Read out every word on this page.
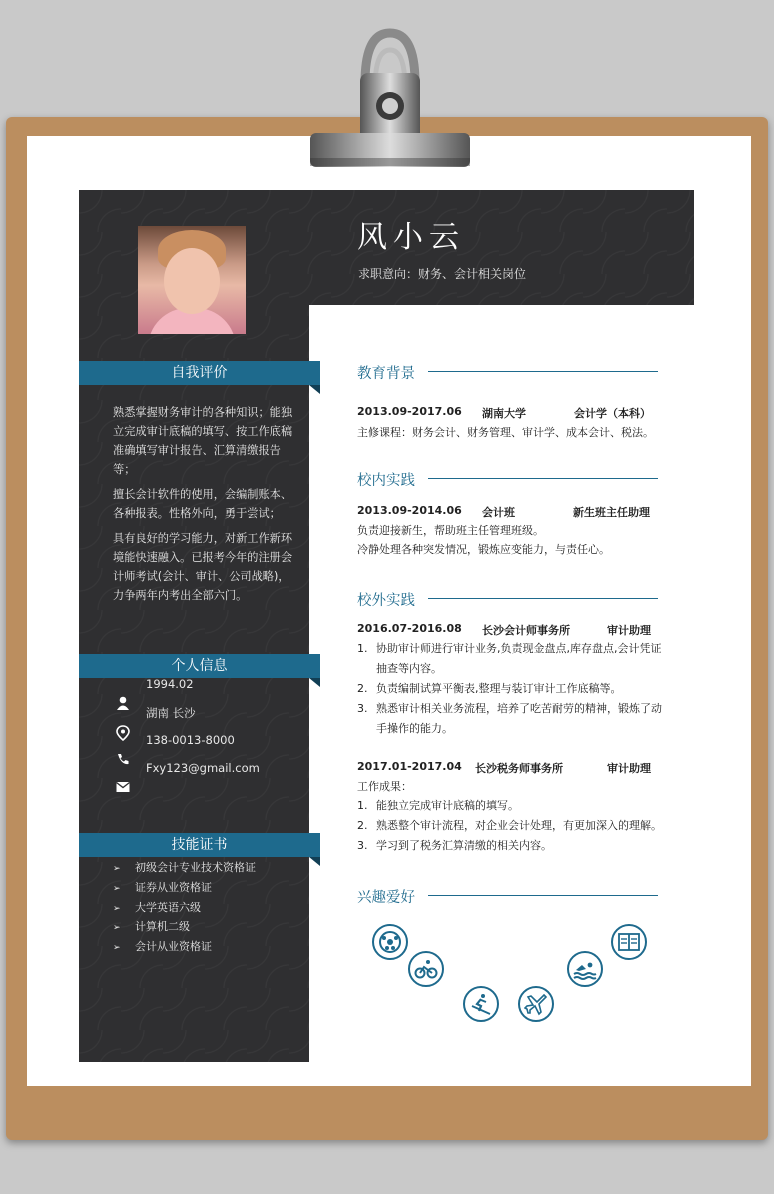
风小云
求职意向：财务、会计相关岗位
自我评价

熟悉掌握财务审计的各种知识；能独立完成审计底稿的填写、按工作底稿准确填写审计报告、汇算清缴报告等；

擅长会计软件的使用，会编制账本、各种报表。性格外向，勇于尝试；

具有良好的学习能力，对新工作新环境能快速融入。已报考今年的注册会计师考试(会计、审计、公司战略)，力争两年内考出全部六门。

个人信息
1994.02
湖南 长沙
138-0013-8000
Fxy123@gmail.com
技能证书
➢ 初级会计专业技术资格证
➢ 证券从业资格证
➢ 大学英语六级
➢ 计算机二级
➢ 会计从业资格证
教育背景
2013.09-2017.06 湖南大学	会计学（本科）
主修课程：财务会计、财务管理、审计学、成本会计、税法。
校内实践
2013.09-2014.06 会计班	新生班主任助理
负责迎接新生，帮助班主任管理班级。
冷静处理各种突发情况，锻炼应变能力，与责任心。
校外实践
2016.07-2016.08 长沙会计师事务所	审计助理
1. 协助审计师进行审计业务,负责现金盘点,库存盘点,会计凭证抽查等内容。
2. 负责编制试算平衡表,整理与装订审计工作底稿等。
3. 熟悉审计相关业务流程，培养了吃苦耐劳的精神，锻炼了动手操作的能力。
2017.01-2017.04 长沙税务师事务所	审计助理
工作成果：
1. 能独立完成审计底稿的填写。
2. 熟悉整个审计流程，对企业会计处理，有更加深入的理解。
3. 学习到了税务汇算清缴的相关内容。
兴趣爱好
